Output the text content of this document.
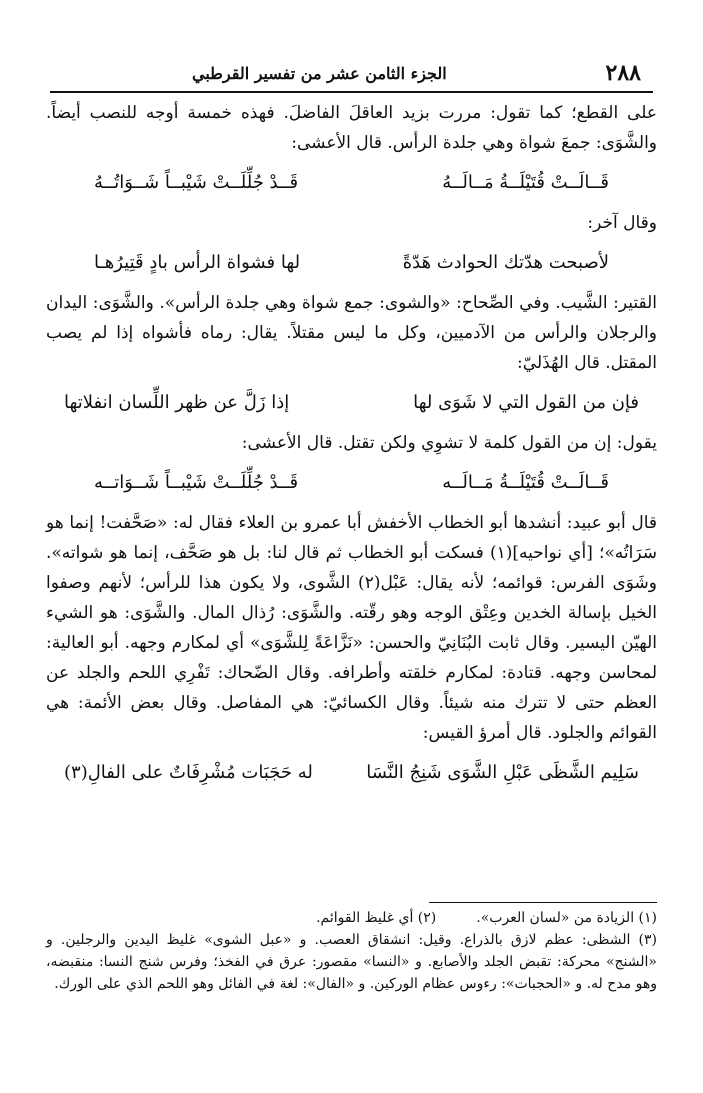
٢٨٨
الجزء الثامن عشر من تفسير القرطبي

على القطع؛ كما تقول: مررت بزيد العاقلَ الفاضلَ. فهذه خمسة أوجه للنصب أيضاً. والشَّوَى: جمعَ شواة وهي جلدة الرأس. قال الأعشى:

قَــالَــتْ قُتَيْلَــةُ مَــالَــهُ
قَــدْ جُلِّلَــتْ شَيْبــاً شَــوَاتُــهُ

وقال آخر:

لأصبحت هدّتك الحوادث هَدّةً
لها فشواة الرأس بادٍ قَتِيرُهـا

القتير: الشَّيب. وفي الصِّحاح: «والشوى: جمع شواة وهي جلدة الرأس». والشَّوَى: اليدان والرجلان والرأس من الآدميين، وكل ما ليس مقتلاً. يقال: رماه فأشواه إذا لم يصب المقتل. قال الهُذَليّ:

فإن من القول التي لا شَوَى لها
إذا زَلَّ عن ظهر اللِّسان انفلاتها

يقول: إن من القول كلمة لا تشوِي ولكن تقتل. قال الأعشى:

قَــالَــتْ قُتَيْلَــةُ مَــالَــه
قَــدْ جُلِّلَــتْ شَيْبــاً شَــوَاتــه

قال أبو عبيد: أنشدها أبو الخطاب الأخفش أبا عمرو بن العلاء فقال له: «صَحَّفت! إنما هو سَرَاتُه»؛ [أي نواحيه](١) فسكت أبو الخطاب ثم قال لنا: بل هو صَحَّف، إنما هو شواته». وشَوَى الفرس: قوائمه؛ لأنه يقال: عَبْل(٢) الشَّوى، ولا يكون هذا للرأس؛ لأنهم وصفوا الخيل بإسالة الخدين وعِتْق الوجه وهو رقّته. والشَّوَى: رُذال المال. والشَّوَى: هو الشيء الهيّن اليسير. وقال ثابت البُنَانِيّ والحسن: «نَزَّاعَةً لِلشَّوَى» أي لمكارم وجهه. أبو العالية: لمحاسن وجهه. قتادة: لمكارم خلقته وأطرافه. وقال الضّحاك: تَفْرِي اللحم والجلد عن العظم حتى لا تترك منه شيئاً. وقال الكسائيّ: هي المفاصل. وقال بعض الأئمة: هي القوائم والجلود. قال أمرؤ القيس:

سَلِيم الشَّظَى عَبْلِ الشَّوَى شَنِجُ النَّسَا
له حَجَبَات مُشْرِفَاتٌ على الفالِ(٣)
(١) الزيادة من «لسان العرب».
(٢) أي غليظ القوائم.

(٣) الشظى: عظم لازق بالذراع. وقيل: انشقاق العصب. و «عبل الشوى» غليظ اليدين والرجلين. و «الشنج» محركة: تقبض الجلد والأصابع. و «النسا» مقصور: عرق في الفخذ؛ وفرس شنج النسا: منقبضه، وهو مدح له. و «الحجبات»: رءوس عظام الوركين. و «الفال»: لغة في الفائل وهو اللحم الذي على الورك.
